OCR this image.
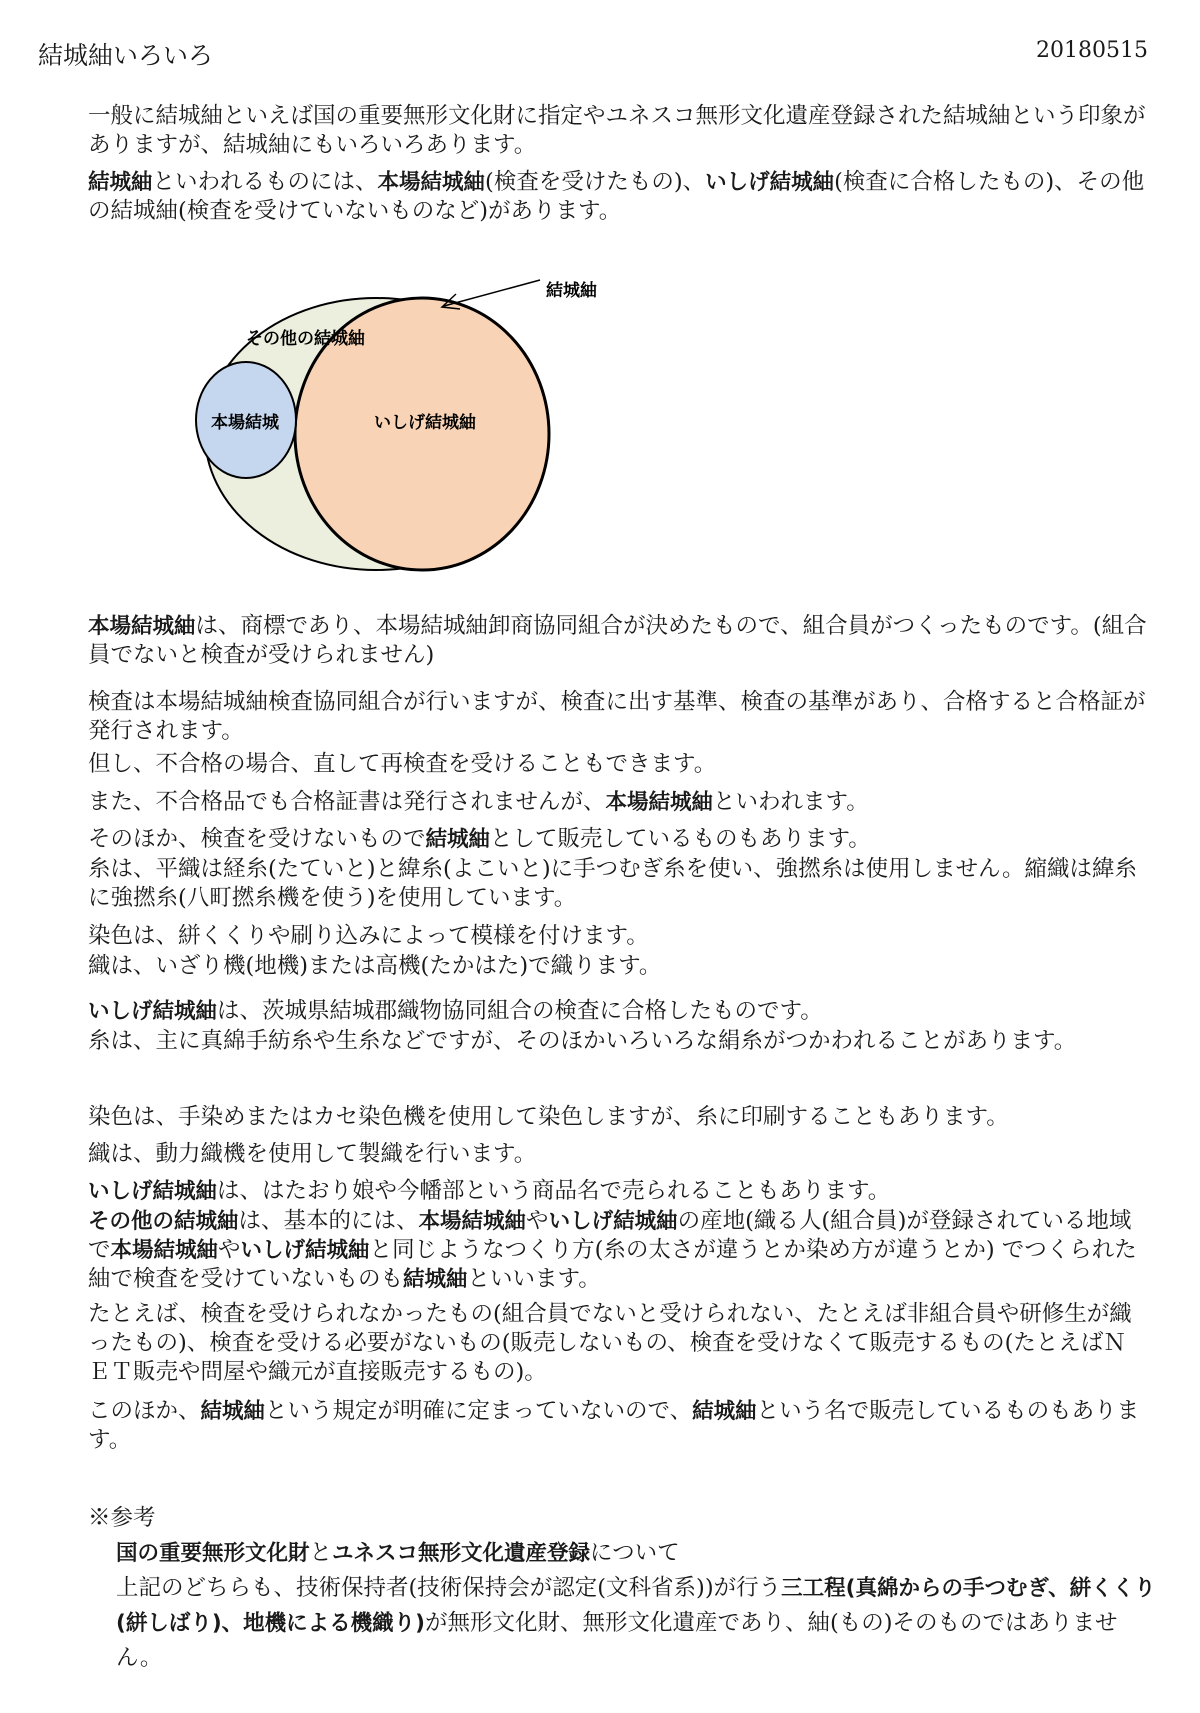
結城紬いろいろ	20180515

一般に結城紬といえば国の重要無形文化財に指定やユネスコ無形文化遺産登録された結城紬という印象がありますが、結城紬にもいろいろあります。

結城紬といわれるものには、本場結城紬(検査を受けたもの)、いしげ結城紬(検査に合格したもの)、その他の結城紬(検査を受けていないものなど)があります。

結城紬
その他の結城紬
本場結城	いしげ結城紬

本場結城紬は、商標であり、本場結城紬卸商協同組合が決めたもので、組合員がつくったものです。(組合員でないと検査が受けられません)

検査は本場結城紬検査協同組合が行いますが、検査に出す基準、検査の基準があり、合格すると合格証が発行されます。

但し、不合格の場合、直して再検査を受けることもできます。

また、不合格品でも合格証書は発行されませんが、本場結城紬といわれます。

そのほか、検査を受けないもので結城紬として販売しているものもあります。

糸は、平織は経糸(たていと)と緯糸(よこいと)に手つむぎ糸を使い、強撚糸は使用しません。縮織は緯糸に強撚糸(八町撚糸機を使う)を使用しています。

染色は、絣くくりや刷り込みによって模様を付けます。

織は、いざり機(地機)または高機(たかはた)で織ります。

いしげ結城紬は、茨城県結城郡織物協同組合の検査に合格したものです。

糸は、主に真綿手紡糸や生糸などですが、そのほかいろいろな絹糸がつかわれることがあります。

染色は、手染めまたはカセ染色機を使用して染色しますが、糸に印刷することもあります。

織は、動力織機を使用して製織を行います。

いしげ結城紬は、はたおり娘や今幡部という商品名で売られることもあります。

その他の結城紬は、基本的には、本場結城紬やいしげ結城紬の産地(織る人(組合員)が登録されている地域で本場結城紬やいしげ結城紬と同じようなつくり方(糸の太さが違うとか染め方が違うとか) でつくられた紬で検査を受けていないものも結城紬といいます。

たとえば、検査を受けられなかったもの(組合員でないと受けられない、たとえば非組合員や研修生が織ったもの)、検査を受ける必要がないもの(販売しないもの、検査を受けなくて販売するもの(たとえばＮＥＴ販売や問屋や織元が直接販売するもの)。

このほか、結城紬という規定が明確に定まっていないので、結城紬という名で販売しているものもあります。

※参考

国の重要無形文化財とユネスコ無形文化遺産登録について

上記のどちらも、技術保持者(技術保持会が認定(文科省系))が行う三工程(真綿からの手つむぎ、絣くくり(絣しばり)、地機による機織り)が無形文化財、無形文化遺産であり、紬(もの)そのものではありません。
